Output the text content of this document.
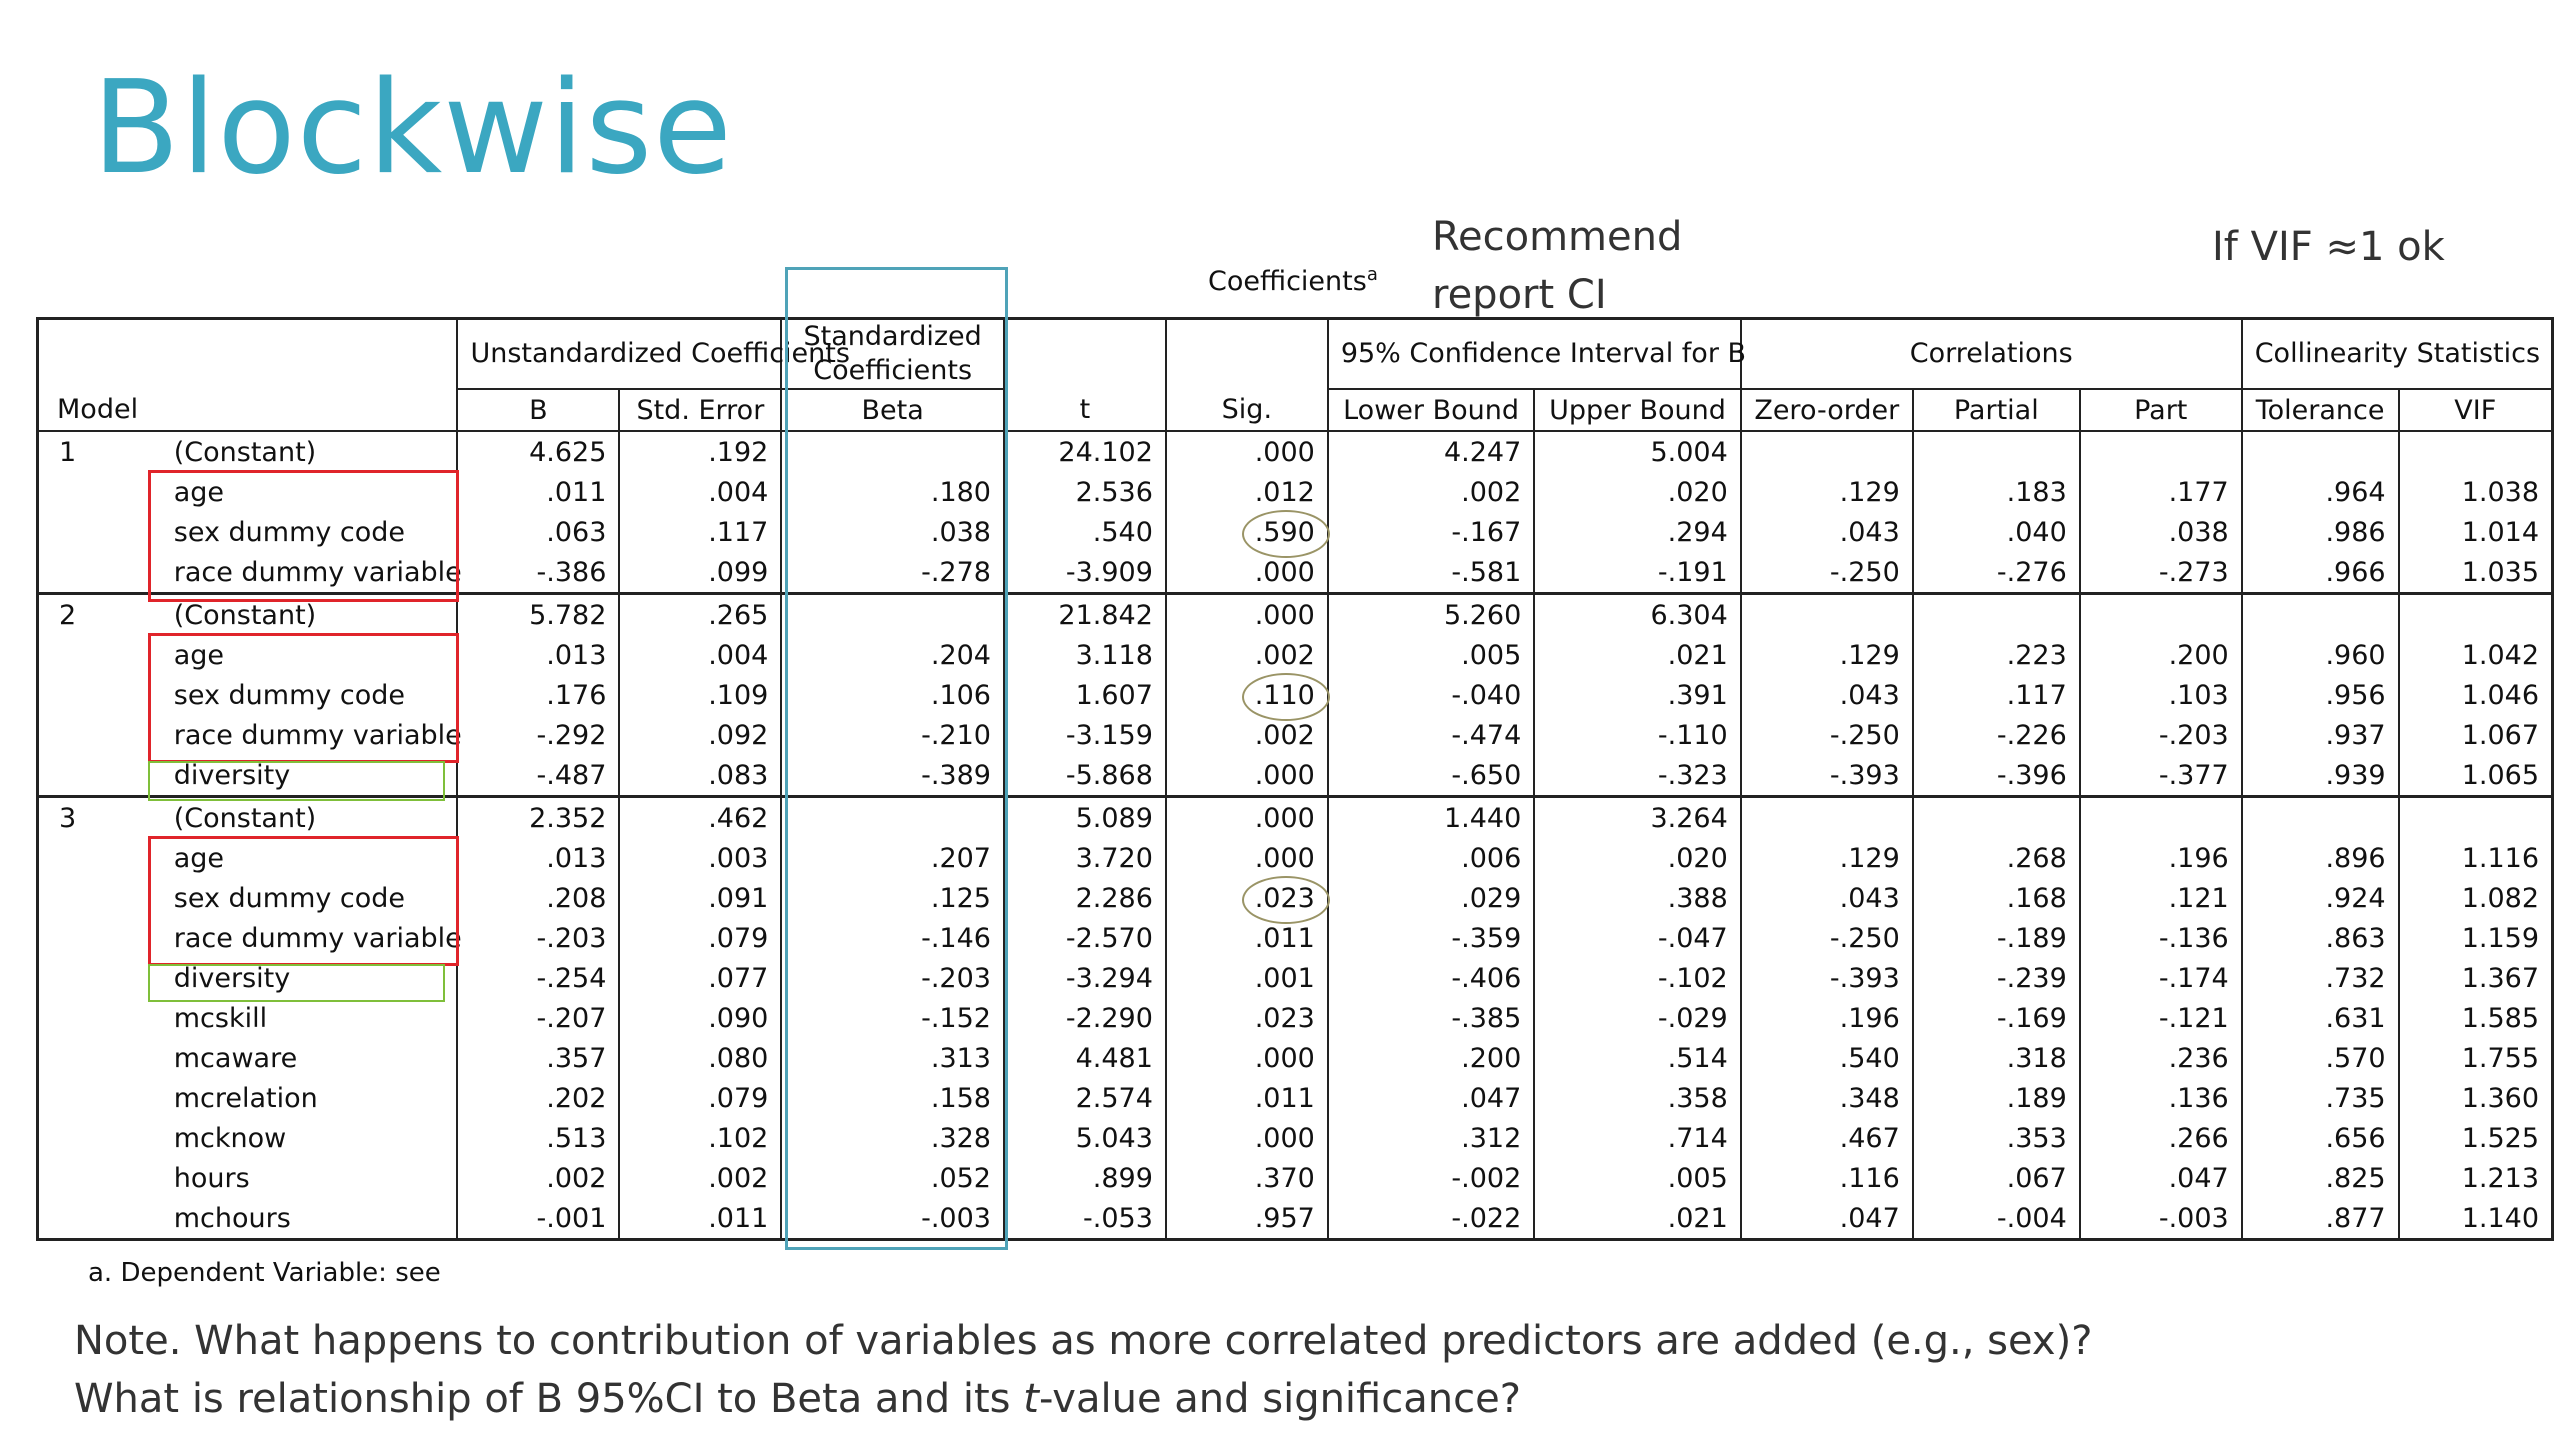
Blockwise
Recommend
report CI
If VIF ≈1 ok
Coefficients$^a$
		Unstandardized Coefficients		Standardized Coefficients			95% Confidence Interval for B		Correlations			Collinearity Statistics	
Model		B	Std. Error	Beta	t	Sig.	Lower Bound	Upper Bound	Zero-order	Partial	Part	Tolerance	VIF
1	(Constant)	4.625	.192		24.102	.000	4.247	5.004					
	age	.011	.004	.180	2.536	.012	.002	.020	.129	.183	.177	.964	1.038
	sex dummy code	.063	.117	.038	.540	.590	-.167	.294	.043	.040	.038	.986	1.014
	race dummy variable	-.386	.099	-.278	-3.909	.000	-.581	-.191	-.250	-.276	-.273	.966	1.035
2	(Constant)	5.782	.265		21.842	.000	5.260	6.304					
	age	.013	.004	.204	3.118	.002	.005	.021	.129	.223	.200	.960	1.042
	sex dummy code	.176	.109	.106	1.607	.110	-.040	.391	.043	.117	.103	.956	1.046
	race dummy variable	-.292	.092	-.210	-3.159	.002	-.474	-.110	-.250	-.226	-.203	.937	1.067
	diversity	-.487	.083	-.389	-5.868	.000	-.650	-.323	-.393	-.396	-.377	.939	1.065
3	(Constant)	2.352	.462		5.089	.000	1.440	3.264					
	age	.013	.003	.207	3.720	.000	.006	.020	.129	.268	.196	.896	1.116
	sex dummy code	.208	.091	.125	2.286	.023	.029	.388	.043	.168	.121	.924	1.082
	race dummy variable	-.203	.079	-.146	-2.570	.011	-.359	-.047	-.250	-.189	-.136	.863	1.159
	diversity	-.254	.077	-.203	-3.294	.001	-.406	-.102	-.393	-.239	-.174	.732	1.367
	mcskill	-.207	.090	-.152	-2.290	.023	-.385	-.029	.196	-.169	-.121	.631	1.585
	mcaware	.357	.080	.313	4.481	.000	.200	.514	.540	.318	.236	.570	1.755
	mcrelation	.202	.079	.158	2.574	.011	.047	.358	.348	.189	.136	.735	1.360
	mcknow	.513	.102	.328	5.043	.000	.312	.714	.467	.353	.266	.656	1.525
	hours	.002	.002	.052	.899	.370	-.002	.005	.116	.067	.047	.825	1.213
	mchours	-.001	.011	-.003	-.053	.957	-.022	.021	.047	-.004	-.003	.877	1.140
a. Dependent Variable: see
Note. What happens to contribution of variables as more correlated predictors are added (e.g., sex)?
What is relationship of B 95%CI to Beta and its t-value and significance?
